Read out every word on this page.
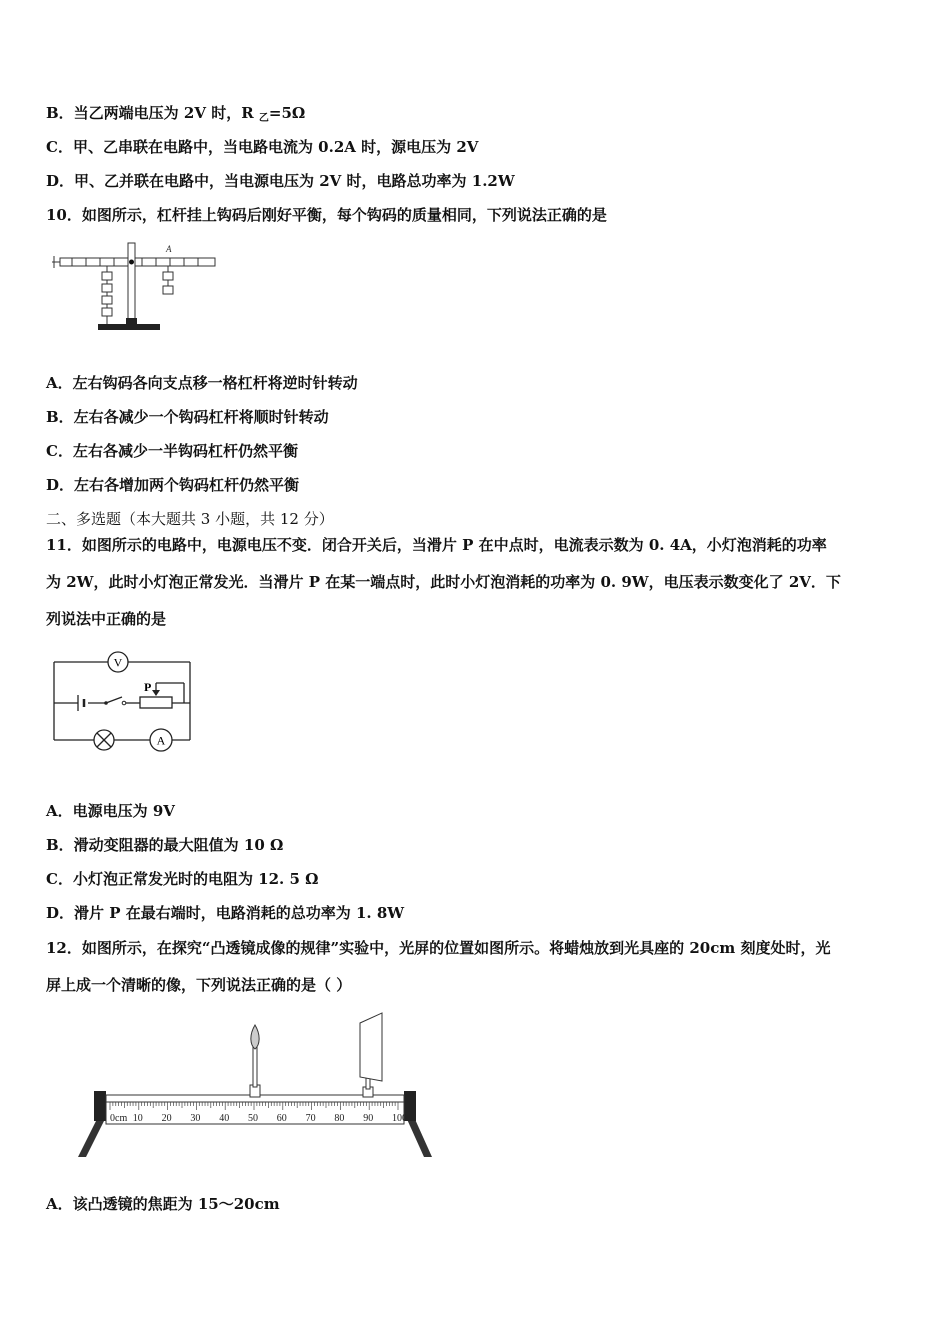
B．当乙两端电压为 2V 时，R $_乙$=5Ω
C．甲、乙串联在电路中，当电路电流为 0.2A 时，源电压为 2V
D．甲、乙并联在电路中，当电源电压为 2V 时，电路总功率为 1.2W
10．如图所示，杠杆挂上钩码后刚好平衡，每个钩码的质量相同，下列说法正确的是
A
A．左右钩码各向支点移一格杠杆将逆时针转动
B．左右各减少一个钩码杠杆将顺时针转动
C．左右各减少一半钩码杠杆仍然平衡
D．左右各增加两个钩码杠杆仍然平衡
二、多选题（本大题共 3 小题，共 12 分）
11．如图所示的电路中，电源电压不变．闭合开关后，当滑片 P 在中点时，电流表示数为 0. 4A，小灯泡消耗的功率
为 2W，此时小灯泡正常发光．当滑片 P 在某一端点时，此时小灯泡消耗的功率为 0. 9W，电压表示数变化了 2V．下
列说法中正确的是
V
P
A
A．电源电压为 9V
B．滑动变阻器的最大阻值为 10 Ω
C．小灯泡正常发光时的电阻为 12. 5 Ω
D．滑片 P 在最右端时，电路消耗的总功率为 1. 8W
12．如图所示，在探究“凸透镜成像的规律”实验中，光屏的位置如图所示。将蜡烛放到光具座的 20cm 刻度处时，光
屏上成一个清晰的像，下列说法正确的是（ ）
0cm 10 20 30 40 50 60 70 80 90 100
A．该凸透镜的焦距为 15～20cm
